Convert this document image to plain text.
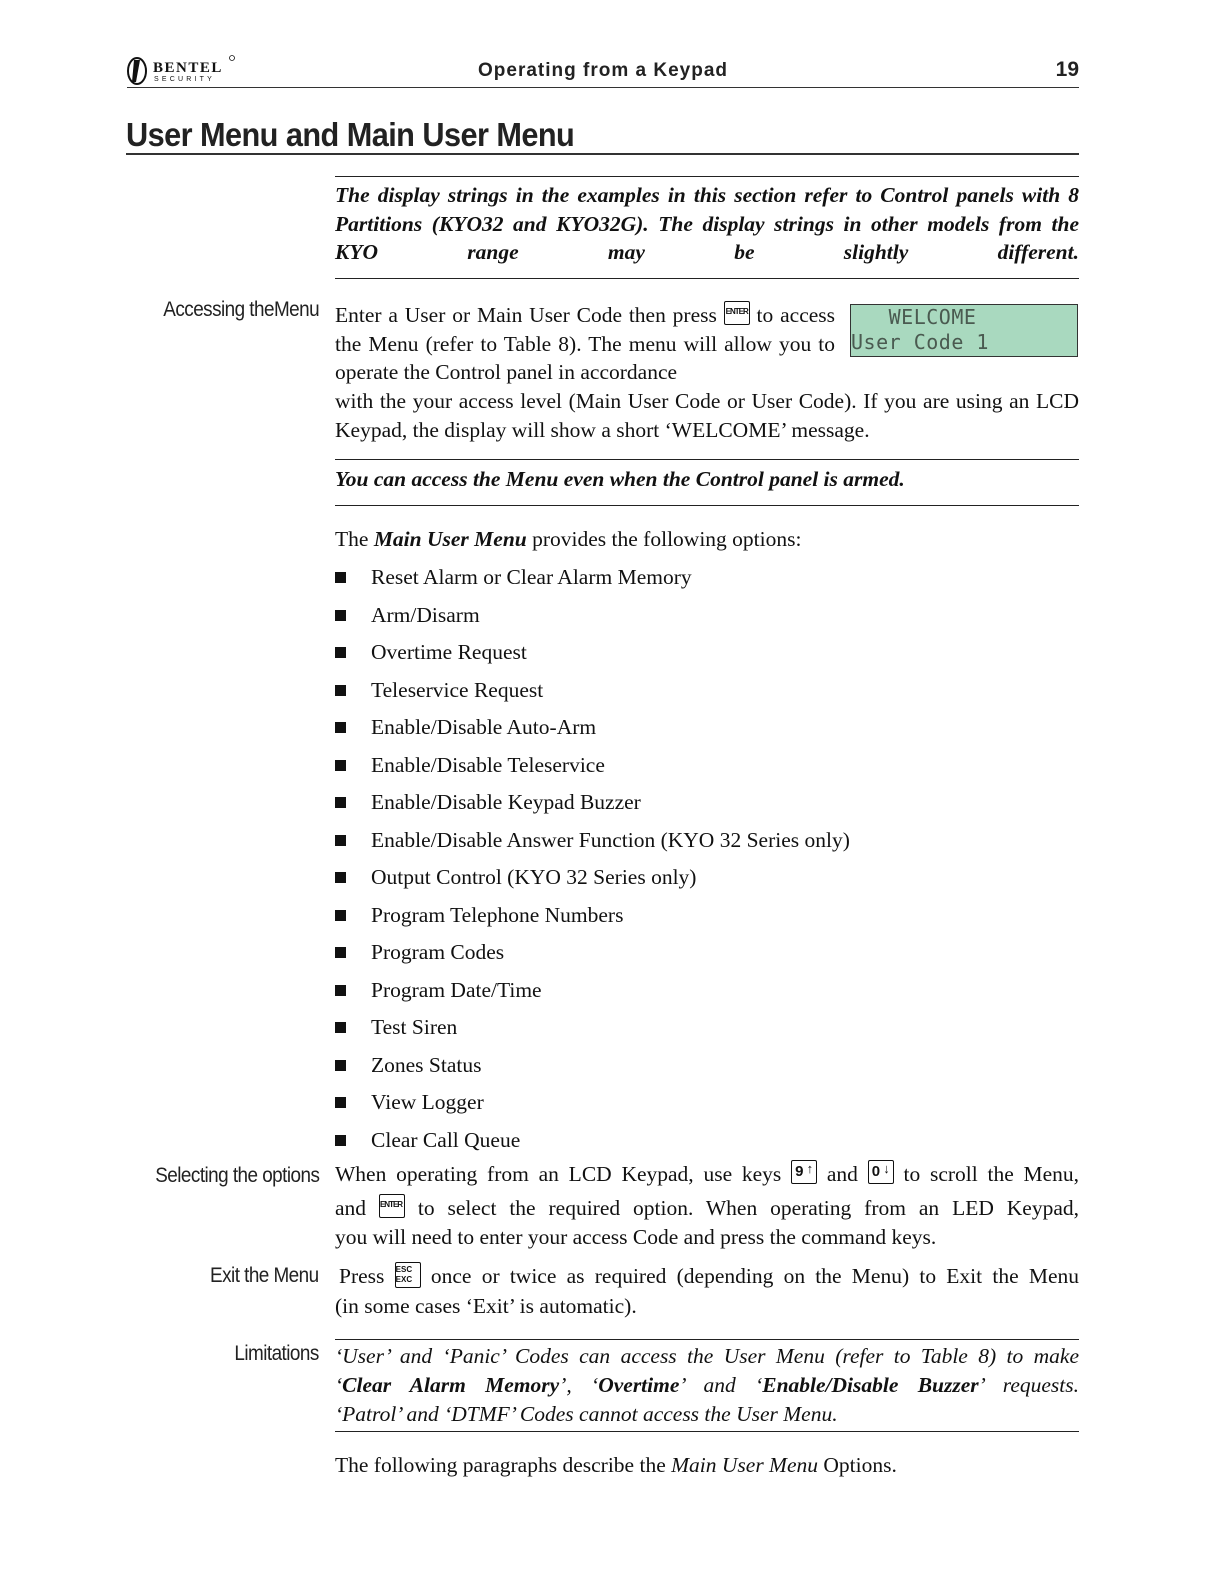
BENTEL
SECURITY	Operating from a Keypad	19
User Menu and Main User Menu
The display strings in the examples in this section refer to Control panels with 8 Partitions (KYO32 and KYO32G). The display strings in other models from the KYO range may be slightly different.
Accessing theMenu Enter a User or Main User Code then press ENTER to access the Menu (refer to Table 8). The menu will allow you to operate the Control panel in accordance
with the your access level (Main User Code or User Code). If you are using an LCD Keypad, the display will show a short ‘WELCOME’ message.
WELCOME
User Code 1
You can access the Menu even when the Control panel is armed.
The Main User Menu provides the following options:
Reset Alarm or Clear Alarm Memory
Arm/Disarm
Overtime Request
Teleservice Request
Enable/Disable Auto-Arm
Enable/Disable Teleservice
Enable/Disable Keypad Buzzer
Enable/Disable Answer Function (KYO 32 Series only)
Output Control (KYO 32 Series only)
Program Telephone Numbers
Program Codes
Program Date/Time
Test Siren
Zones Status
View Logger
Clear Call Queue
Selecting the options When operating from an LCD Keypad, use keys 9 ↑ and 0 ↓ to scroll the Menu,
and ENTER to select the required option. When operating from an LED Keypad,
you will need to enter your access Code and press the command keys.
Exit the Menu Press ESC
EXC once or twice as required (depending on the Menu) to Exit the Menu
(in some cases ‘Exit’ is automatic).
Limitations ‘User’ and ‘Panic’ Codes can access the User Menu (refer to Table 8) to make
‘Clear Alarm Memory’, ‘Overtime’ and ‘Enable/Disable Buzzer’ requests.
‘Patrol’ and ‘DTMF’ Codes cannot access the User Menu.
The following paragraphs describe the Main User Menu Options.
